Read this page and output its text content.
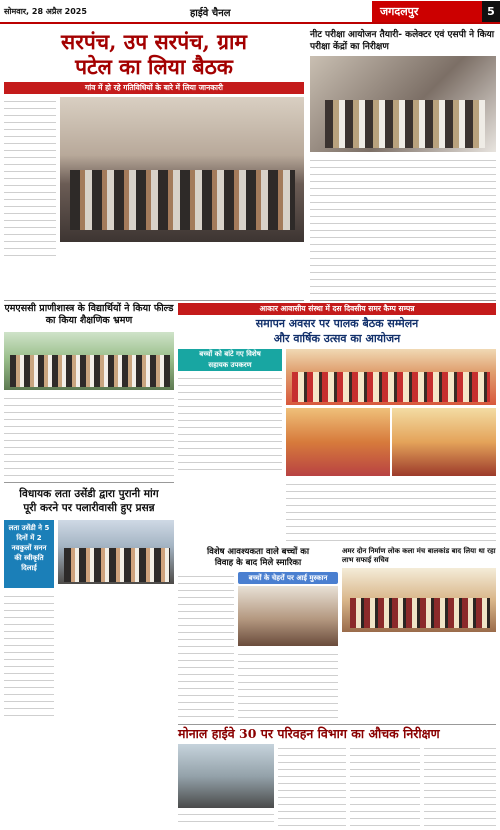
सोमवार, 28 अप्रैल 2025	हाईवे चैनल	जगदलपुर	5
सरपंच, उप सरपंच, ग्राम
पटेल का लिया बैठक
गांव में हो रहे गतिविधियों के बारे में लिया जानकारी
नीट परीक्षा आयोजन तैयारी- कलेक्टर एवं एसपी ने किया परीक्षा केंद्रों का निरीक्षण
एमएससी प्राणीशास्त्र के विद्यार्थियों ने किया फील्ड का किया शैक्षणिक भ्रमण
आकार आवासीय संस्था में दस दिवसीय समर कैम्प सम्पन्न
समापन अवसर पर पालक बैठक सम्मेलन
और वार्षिक उत्सव का आयोजन
बच्चों को बांटे गए विशेष
सहायक उपकरण
विधायक लता उसेंडी द्वारा पुरानी मांग
पूरी करने पर पलारीवासी हुए प्रसन्न
लता उसेंडी ने 5 दिनों में 2 नवकुलों सनन की स्वीकृति दिलाई
विशेष आवश्यकता वाले बच्चों का
विवाह के बाद मिले स्मारिका
बच्चों के चेहरों पर आई मुस्कान
अमर दोन निर्माण लोक कला मंच बालकांड बाद लिया था रहा लाभ सफाई सचिव
मोनाल हाईवे 30 पर परिवहन विभाग का औचक निरीक्षण
